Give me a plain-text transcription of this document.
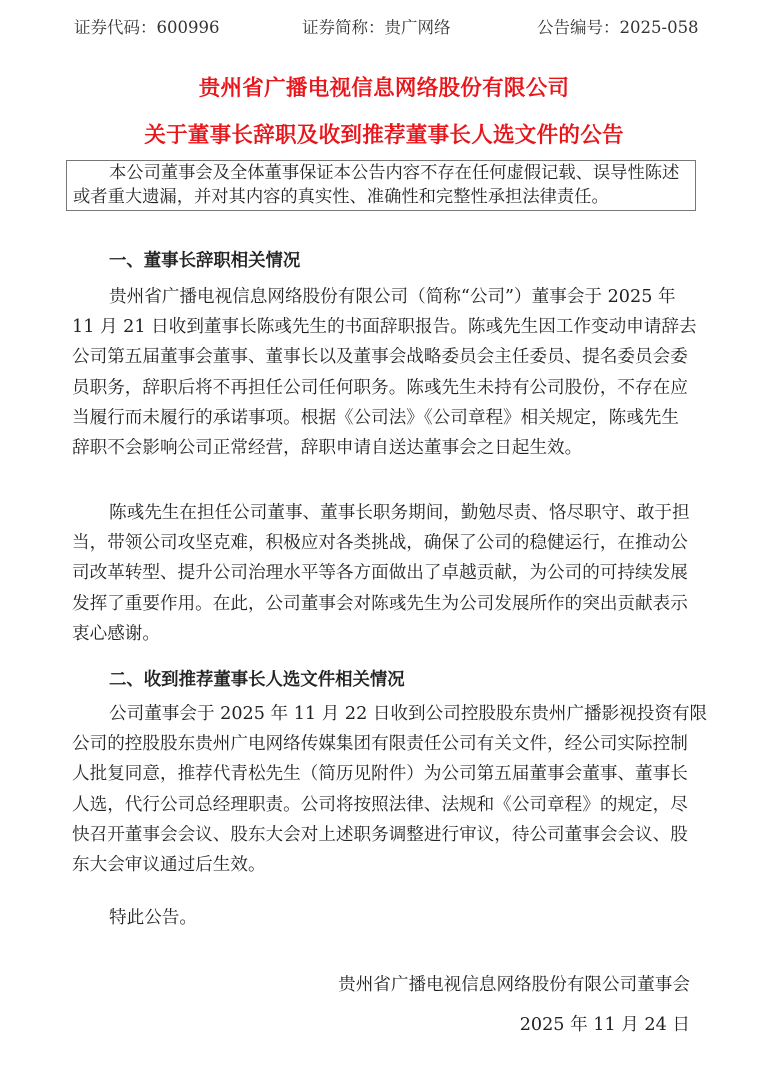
证券代码：600996	证券简称：贵广网络	公告编号：2025-058
贵州省广播电视信息网络股份有限公司
关于董事长辞职及收到推荐董事长人选文件的公告

本公司董事会及全体董事保证本公告内容不存在任何虚假记载、误导性陈述

或者重大遗漏，并对其内容的真实性、准确性和完整性承担法律责任。

一、董事长辞职相关情况
贵州省广播电视信息网络股份有限公司（简称“公司”）董事会于 2025 年
11 月 21 日收到董事长陈彧先生的书面辞职报告。陈彧先生因工作变动申请辞去
公司第五届董事会董事、董事长以及董事会战略委员会主任委员、提名委员会委
员职务，辞职后将不再担任公司任何职务。陈彧先生未持有公司股份，不存在应
当履行而未履行的承诺事项。根据《公司法》《公司章程》相关规定，陈彧先生
辞职不会影响公司正常经营，辞职申请自送达董事会之日起生效。
陈彧先生在担任公司董事、董事长职务期间，勤勉尽责、恪尽职守、敢于担
当，带领公司攻坚克难，积极应对各类挑战，确保了公司的稳健运行，在推动公
司改革转型、提升公司治理水平等各方面做出了卓越贡献，为公司的可持续发展
发挥了重要作用。在此，公司董事会对陈彧先生为公司发展所作的突出贡献表示
衷心感谢。
二、收到推荐董事长人选文件相关情况
公司董事会于 2025 年 11 月 22 日收到公司控股股东贵州广播影视投资有限
公司的控股股东贵州广电网络传媒集团有限责任公司有关文件，经公司实际控制
人批复同意，推荐代青松先生（简历见附件）为公司第五届董事会董事、董事长
人选，代行公司总经理职责。公司将按照法律、法规和《公司章程》的规定，尽
快召开董事会会议、股东大会对上述职务调整进行审议，待公司董事会会议、股
东大会审议通过后生效。
特此公告。
贵州省广播电视信息网络股份有限公司董事会
2025 年 11 月 24 日
